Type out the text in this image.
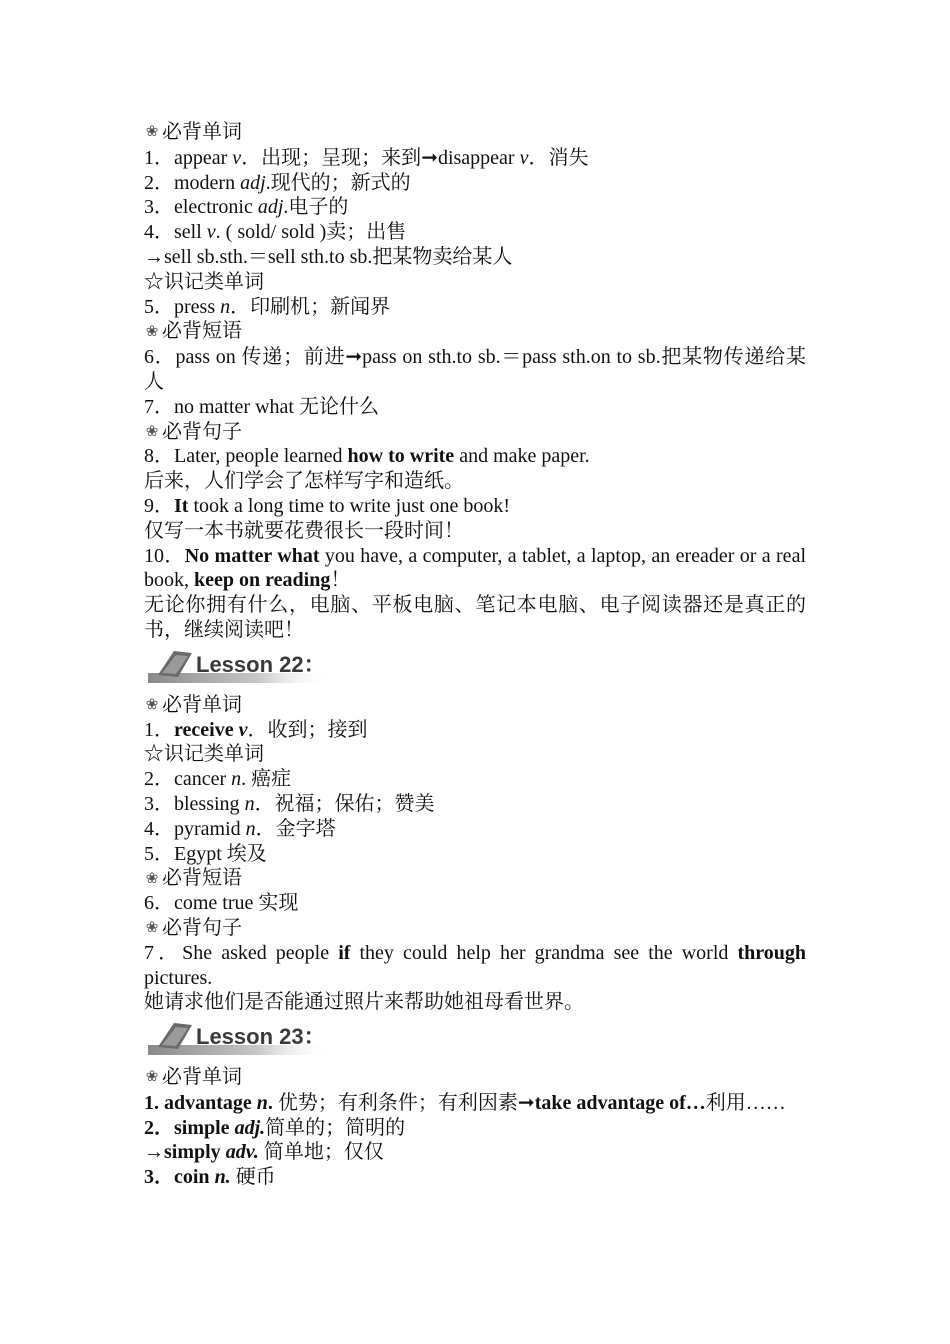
❀ 必背单词
1．appear v．出现；呈现；来到➞disappear v．消失
2．modern adj.现代的；新式的
3．electronic adj.电子的
4．sell v. ( sold/ sold )卖；出售
→sell sb.sth.＝sell sth.to sb.把某物卖给某人
☆识记类单词
5．press n．印刷机；新闻界
❀ 必背短语
6．pass on 传递；前进➞pass on sth.to sb.＝pass sth.on to sb.把某物传递给某人
7．no matter what 无论什么
❀ 必背句子
8．Later, people learned how to write and make paper.
后来，人们学会了怎样写字和造纸。
9．It took a long time to write just one book!
仅写一本书就要花费很长一段时间！
10．No matter what you have, a computer, a tablet, a laptop, an ereader or a real book, keep on reading！
无论你拥有什么，电脑、平板电脑、笔记本电脑、电子阅读器还是真正的书，继续阅读吧！
Lesson 22：
❀ 必背单词
1．receive v．收到；接到
☆识记类单词
2．cancer n. 癌症
3．blessing n．祝福；保佑；赞美
4．pyramid n．金字塔
5．Egypt 埃及
❀ 必背短语
6．come true 实现
❀ 必背句子
7．She asked people if they could help her grandma see the world through pictures.
她请求他们是否能通过照片来帮助她祖母看世界。
Lesson 23：
❀ 必背单词
1. advantage n. 优势；有利条件；有利因素➞take advantage of…利用……
2．simple adj.简单的；简明的
→simply adv. 简单地；仅仅
3．coin n. 硬币
